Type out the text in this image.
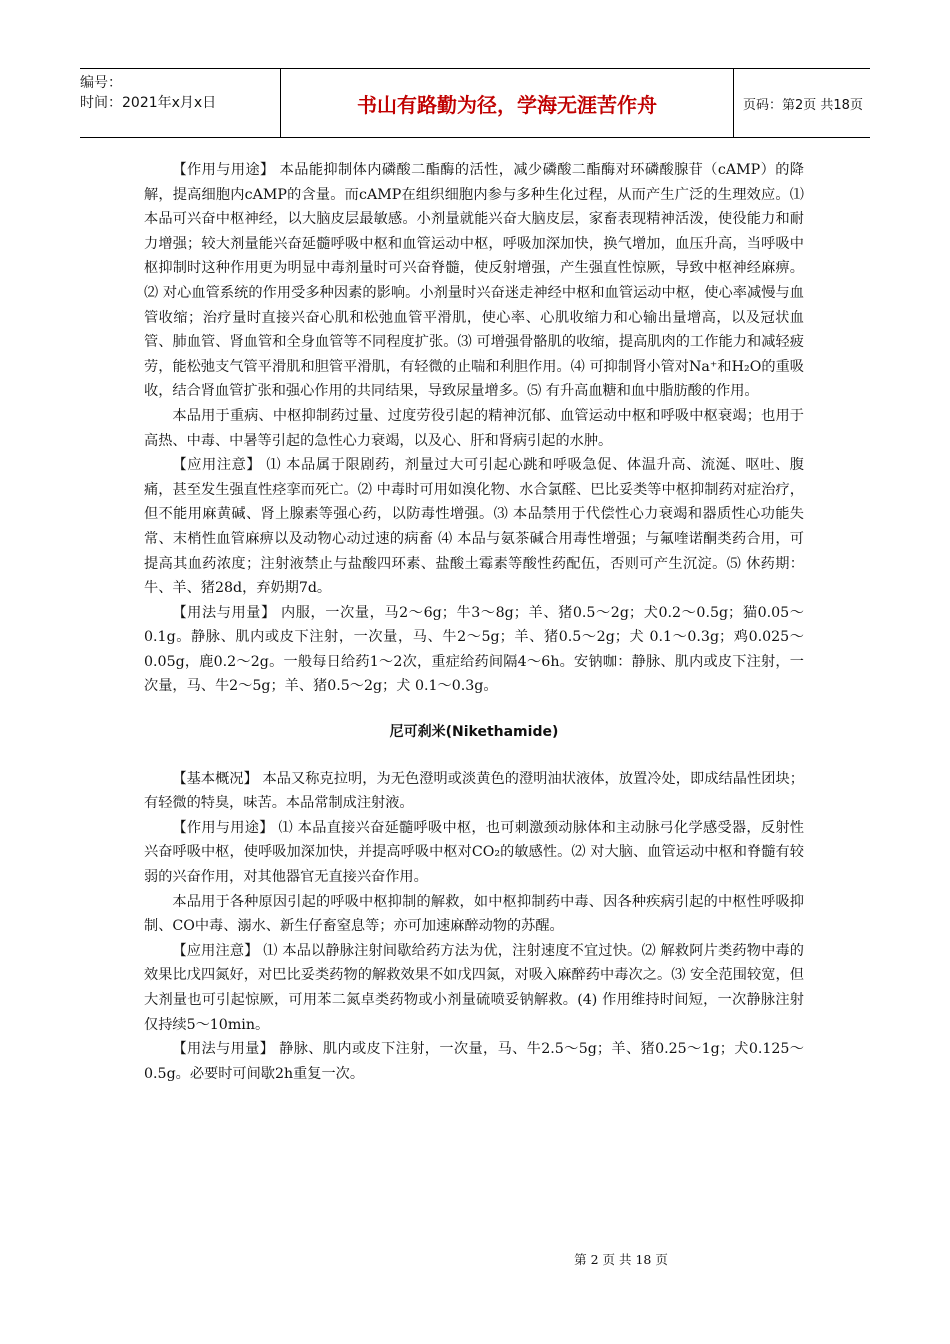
编号：
时间：2021年x月x日	书山有路勤为径，学海无涯苦作舟	页码：第2页 共18页

【作用与用途】 本品能抑制体内磷酸二酯酶的活性，减少磷酸二酯酶对环磷酸腺苷（cAMP）的降解，提高细胞内cAMP的含量。而cAMP在组织细胞内参与多种生化过程，从而产生广泛的生理效应。⑴ 本品可兴奋中枢神经，以大脑皮层最敏感。小剂量就能兴奋大脑皮层，家畜表现精神活泼，使役能力和耐力增强；较大剂量能兴奋延髓呼吸中枢和血管运动中枢，呼吸加深加快，换气增加，血压升高，当呼吸中枢抑制时这种作用更为明显中毒剂量时可兴奋脊髓，使反射增强，产生强直性惊厥，导致中枢神经麻痹。⑵ 对心血管系统的作用受多种因素的影响。小剂量时兴奋迷走神经中枢和血管运动中枢，使心率减慢与血管收缩；治疗量时直接兴奋心肌和松弛血管平滑肌，使心率、心肌收缩力和心输出量增高，以及冠状血管、肺血管、肾血管和全身血管等不同程度扩张。⑶ 可增强骨骼肌的收缩，提高肌肉的工作能力和减轻疲劳，能松弛支气管平滑肌和胆管平滑肌，有轻微的止喘和利胆作用。⑷ 可抑制肾小管对Na⁺和H₂O的重吸收，结合肾血管扩张和强心作用的共同结果，导致尿量增多。⑸ 有升高血糖和血中脂肪酸的作用。

本品用于重病、中枢抑制药过量、过度劳役引起的精神沉郁、血管运动中枢和呼吸中枢衰竭；也用于高热、中毒、中暑等引起的急性心力衰竭，以及心、肝和肾病引起的水肿。

【应用注意】 ⑴ 本品属于限剧药，剂量过大可引起心跳和呼吸急促、体温升高、流涎、呕吐、腹痛，甚至发生强直性痉挛而死亡。⑵ 中毒时可用如溴化物、水合氯醛、巴比妥类等中枢抑制药对症治疗，但不能用麻黄碱、肾上腺素等强心药，以防毒性增强。⑶ 本品禁用于代偿性心力衰竭和器质性心功能失常、末梢性血管麻痹以及动物心动过速的病畜 ⑷ 本品与氨茶碱合用毒性增强；与氟喹诺酮类药合用，可提高其血药浓度；注射液禁止与盐酸四环素、盐酸土霉素等酸性药配伍，否则可产生沉淀。⑸ 休药期：牛、羊、猪28d，弃奶期7d。

【用法与用量】 内服，一次量，马2～6g；牛3～8g；羊、猪0.5～2g；犬0.2～0.5g；猫0.05～0.1g。静脉、肌内或皮下注射，一次量，马、牛2～5g；羊、猪0.5～2g；犬 0.1～0.3g；鸡0.025～0.05g，鹿0.2～2g。一般每日给药1～2次，重症给药间隔4～6h。安钠咖：静脉、肌内或皮下注射，一次量，马、牛2～5g；羊、猪0.5～2g；犬 0.1～0.3g。

尼可刹米(Nikethamide)

【基本概况】 本品又称克拉明，为无色澄明或淡黄色的澄明油状液体，放置冷处，即成结晶性团块；有轻微的特臭，味苦。本品常制成注射液。

【作用与用途】 ⑴ 本品直接兴奋延髓呼吸中枢，也可刺激颈动脉体和主动脉弓化学感受器，反射性兴奋呼吸中枢，使呼吸加深加快，并提高呼吸中枢对CO₂的敏感性。⑵ 对大脑、血管运动中枢和脊髓有较弱的兴奋作用，对其他器官无直接兴奋作用。

本品用于各种原因引起的呼吸中枢抑制的解救，如中枢抑制药中毒、因各种疾病引起的中枢性呼吸抑制、CO中毒、溺水、新生仔畜窒息等；亦可加速麻醉动物的苏醒。

【应用注意】 ⑴ 本品以静脉注射间歇给药方法为优，注射速度不宜过快。⑵ 解救阿片类药物中毒的效果比戊四氮好，对巴比妥类药物的解救效果不如戊四氮，对吸入麻醉药中毒次之。⑶ 安全范围较宽，但大剂量也可引起惊厥，可用苯二氮卓类药物或小剂量硫喷妥钠解救。(4) 作用维持时间短，一次静脉注射仅持续5～10min。

【用法与用量】 静脉、肌内或皮下注射，一次量，马、牛2.5～5g；羊、猪0.25～1g；犬0.125～0.5g。必要时可间歇2h重复一次。

第 2 页 共 18 页
